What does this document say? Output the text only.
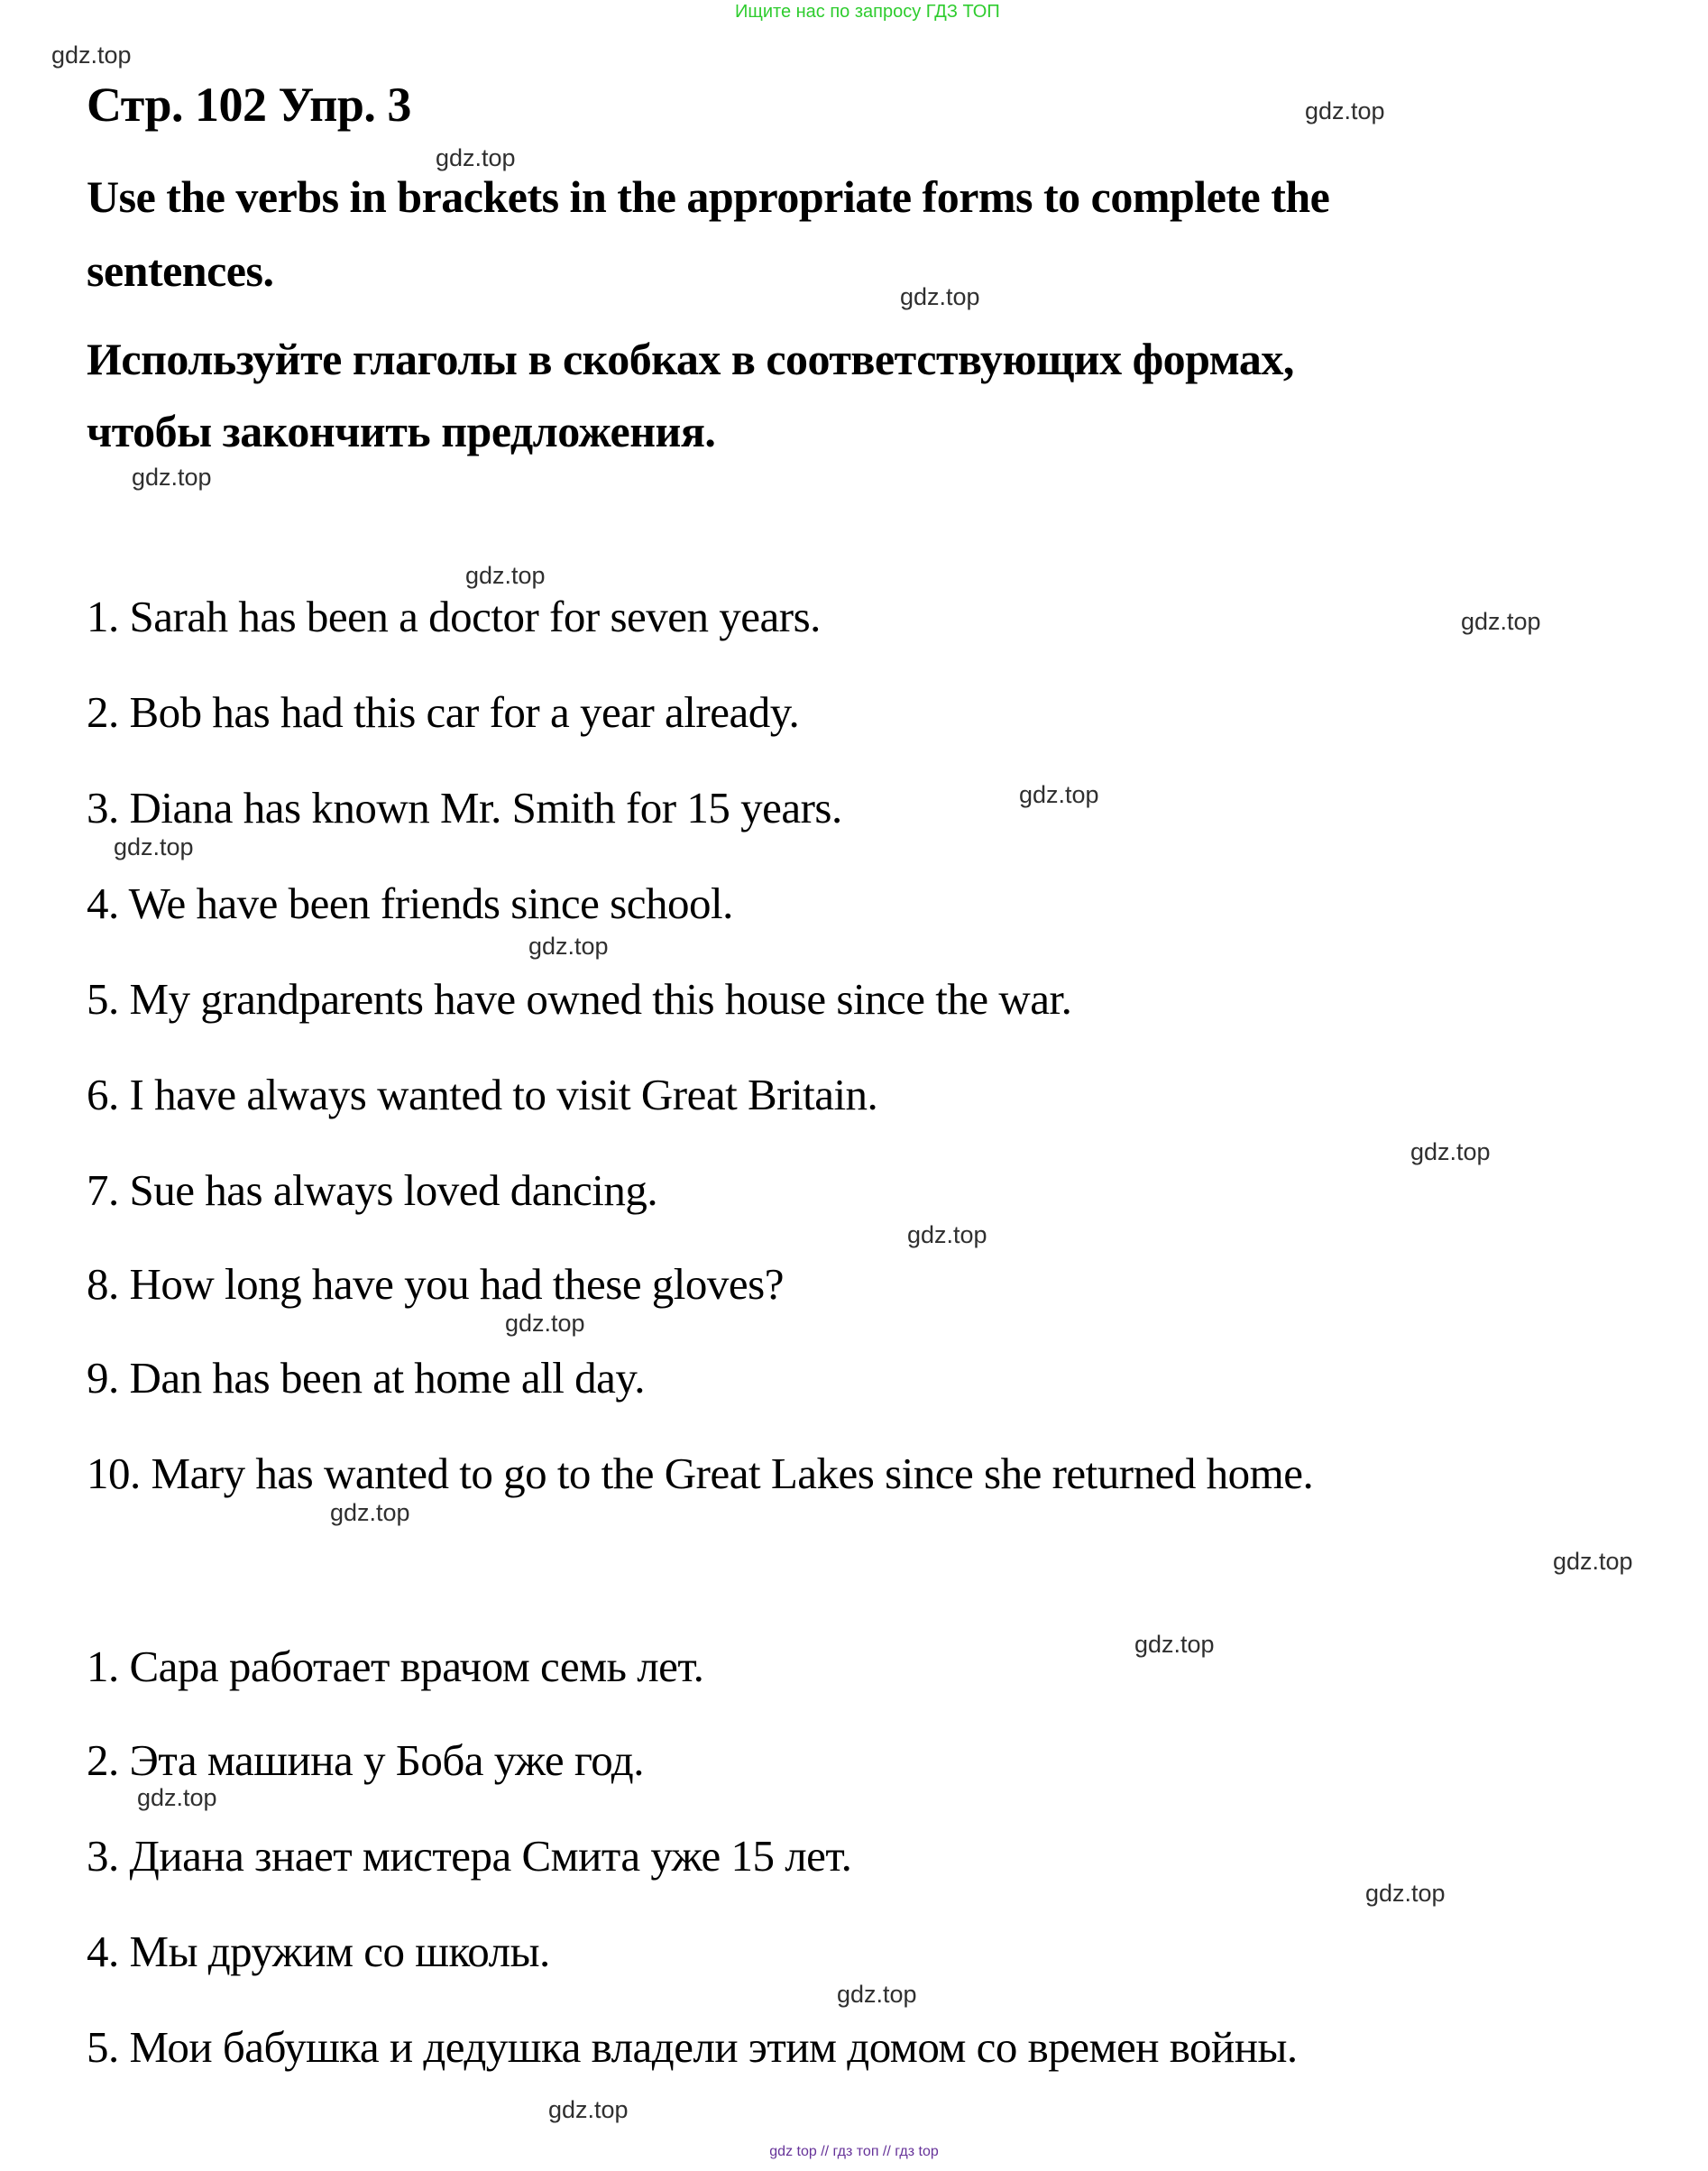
Ищите нас по запросу ГДЗ ТОП
Стр. 102 Упр. 3
Use the verbs in brackets in the appropriate forms to complete the
sentences.
Используйте глаголы в скобках в соответствующих формах,
чтобы закончить предложения.
1. Sarah has been a doctor for seven years.
2. Bob has had this car for a year already.
3. Diana has known Mr. Smith for 15 years.
4. We have been friends since school.
5. My grandparents have owned this house since the war.
6. I have always wanted to visit Great Britain.
7. Sue has always loved dancing.
8. How long have you had these gloves?
9. Dan has been at home all day.
10. Mary has wanted to go to the Great Lakes since she returned home.
1. Сара работает врачом семь лет.
2. Эта машина у Боба уже год.
3. Диана знает мистера Смита уже 15 лет.
4. Мы дружим со школы.
5. Мои бабушка и дедушка владели этим домом со времен войны.
gdz.top
gdz.top
gdz.top
gdz.top
gdz.top
gdz.top
gdz.top
gdz.top
gdz.top
gdz.top
gdz.top
gdz.top
gdz.top
gdz.top
gdz.top
gdz.top
gdz.top
gdz.top
gdz.top
gdz.top
gdz top // гдз топ // гдз top
